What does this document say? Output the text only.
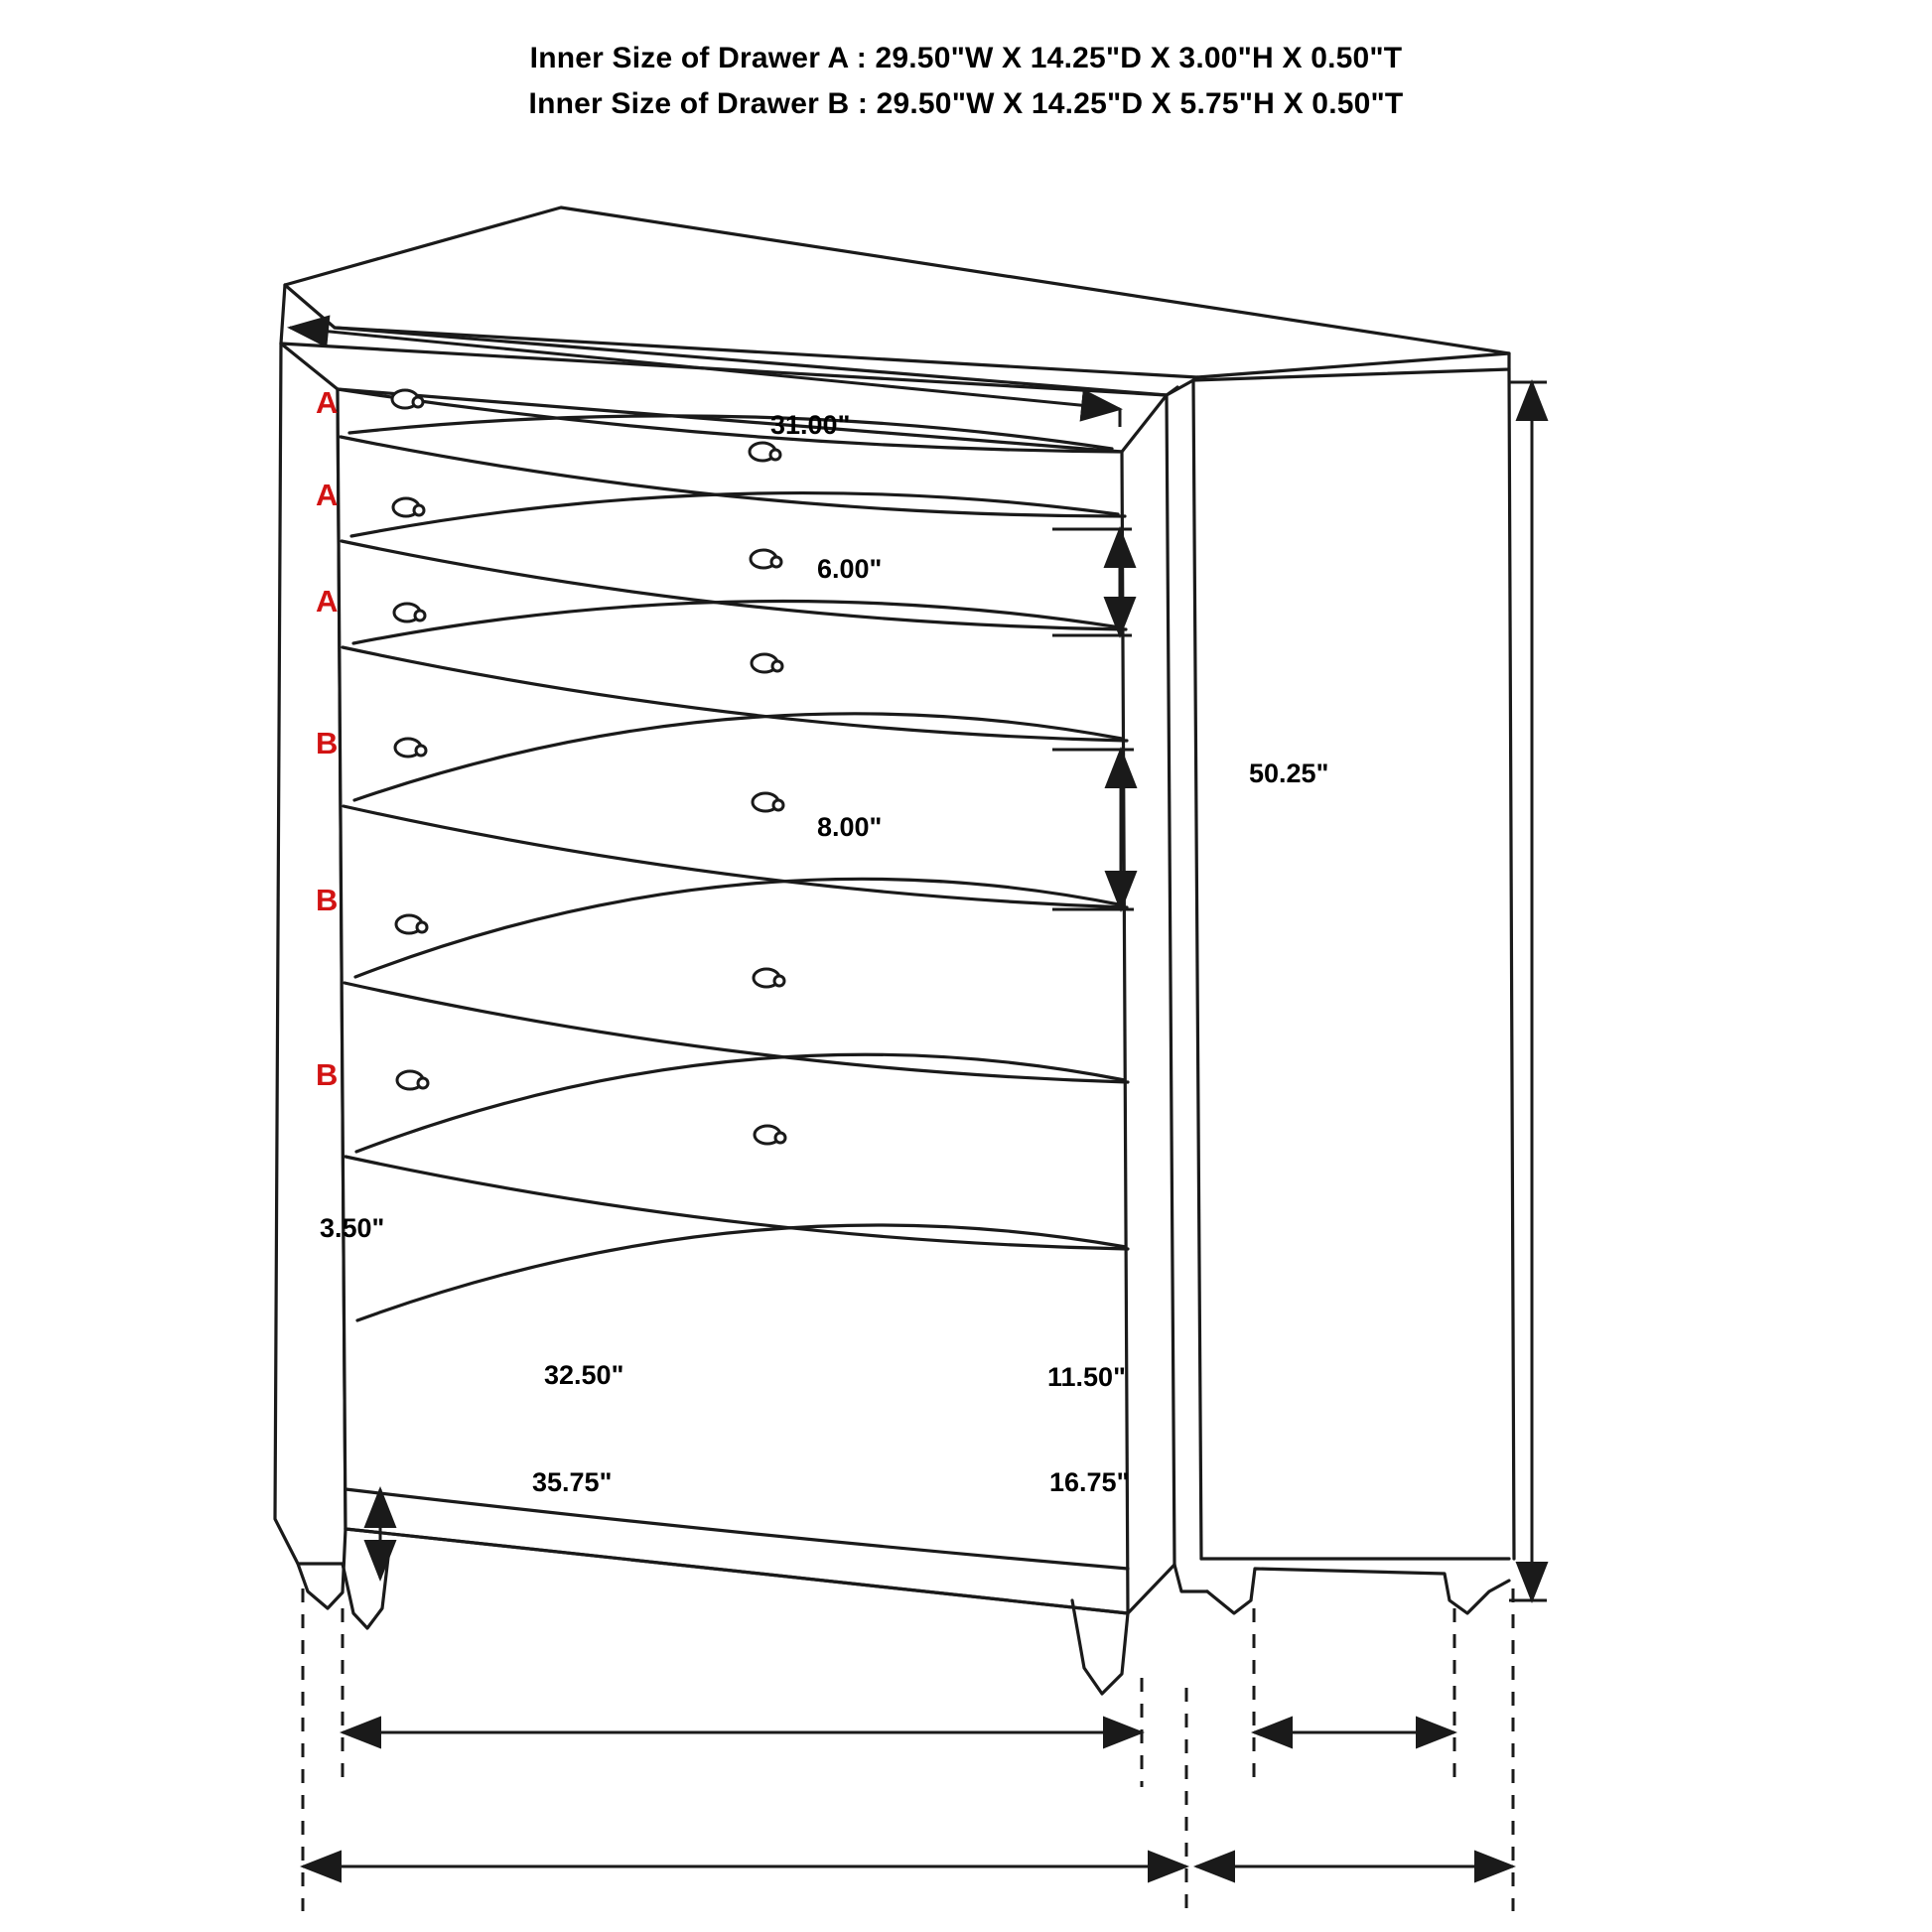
Inner Size of Drawer A : 29.50"W X 14.25"D X 3.00"H X 0.50"T
Inner Size of Drawer B : 29.50"W X 14.25"D X 5.75"H X 0.50"T
A
A
A
B
B
B
31.00"
6.00"
8.00"
3.50"
50.25"
32.50"	11.50"
35.75"	16.75"
